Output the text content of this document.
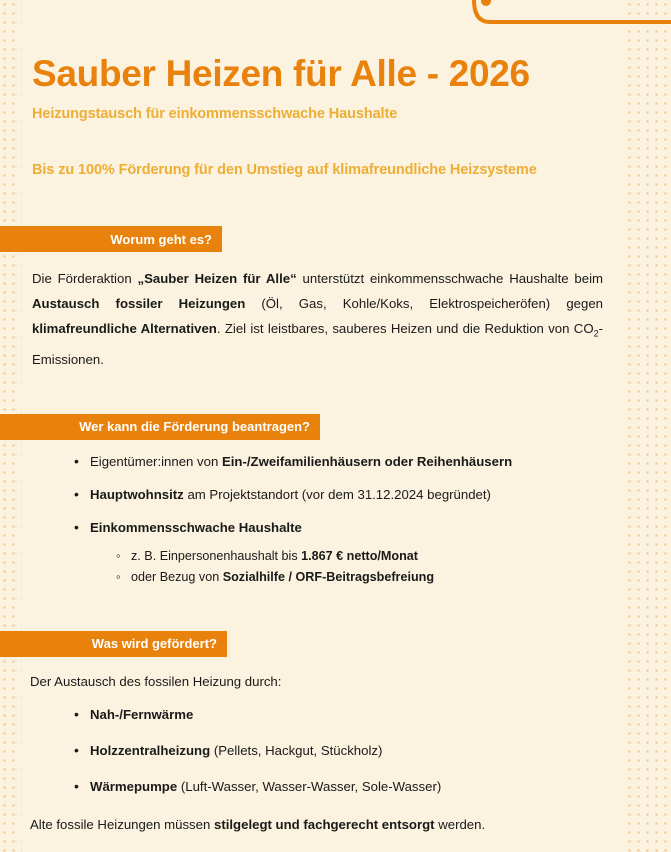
Sauber Heizen für Alle - 2026
Heizungstausch für einkommensschwache Haushalte
Bis zu 100% Förderung für den Umstieg auf klimafreundliche Heizsysteme
Worum geht es?

Die Förderaktion „Sauber Heizen für Alle“ unterstützt einkommensschwache Haushalte beim Austausch fossiler Heizungen (Öl, Gas, Kohle/Koks, Elektrospeicheröfen) gegen klimafreundliche Alternativen. Ziel ist leistbares, sauberes Heizen und die Reduktion von $CO_2$-Emissionen.

Wer kann die Förderung beantragen?
• Eigentümer:innen von Ein-/Zweifamilienhäusern oder Reihenhäusern
• Hauptwohnsitz am Projektstandort (vor dem 31.12.2024 begründet)
• Einkommensschwache Haushalte
◦ z. B. Einpersonenhaushalt bis 1.867 € netto/Monat
◦ oder Bezug von Sozialhilfe / ORF-Beitragsbefreiung
Was wird gefördert?
Der Austausch des fossilen Heizung durch:
• Nah-/Fernwärme
• Holzzentralheizung (Pellets, Hackgut, Stückholz)
• Wärmepumpe (Luft-Wasser, Wasser-Wasser, Sole-Wasser)
Alte fossile Heizungen müssen stilgelegt und fachgerecht entsorgt werden.
